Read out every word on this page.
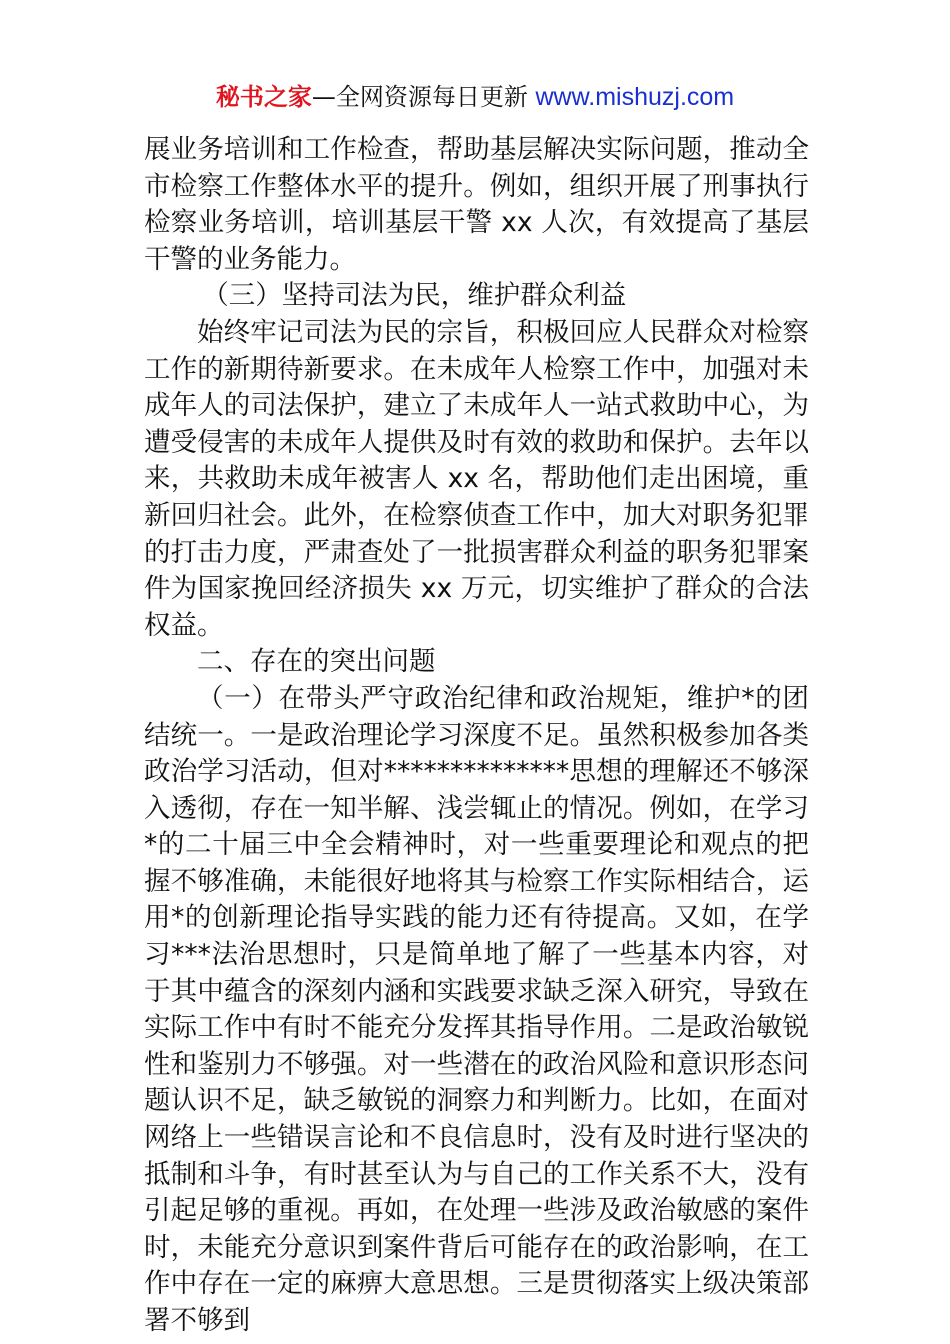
秘书之家—全网资源每日更新 www.mishuzj.com

展业务培训和工作检查，帮助基层解决实际问题，推动全市检察工作整体水平的提升。例如，组织开展了刑事执行检察业务培训，培训基层干警 xx 人次，有效提高了基层干警的业务能力。

（三）坚持司法为民，维护群众利益

始终牢记司法为民的宗旨，积极回应人民群众对检察工作的新期待新要求。在未成年人检察工作中，加强对未成年人的司法保护，建立了未成年人一站式救助中心，为遭受侵害的未成年人提供及时有效的救助和保护。去年以来，共救助未成年被害人 xx 名，帮助他们走出困境，重新回归社会。此外，在检察侦查工作中，加大对职务犯罪的打击力度，严肃查处了一批损害群众利益的职务犯罪案件为国家挽回经济损失 xx 万元，切实维护了群众的合法权益。

二、存在的突出问题

（一）在带头严守政治纪律和政治规矩，维护*的团结统一。一是政治理论学习深度不足。虽然积极参加各类政治学习活动，但对**************思想的理解还不够深入透彻，存在一知半解、浅尝辄止的情况。例如，在学习*的二十届三中全会精神时，对一些重要理论和观点的把握不够准确，未能很好地将其与检察工作实际相结合，运用*的创新理论指导实践的能力还有待提高。又如，在学习***法治思想时，只是简单地了解了一些基本内容，对于其中蕴含的深刻内涵和实践要求缺乏深入研究，导致在实际工作中有时不能充分发挥其指导作用。二是政治敏锐性和鉴别力不够强。对一些潜在的政治风险和意识形态问题认识不足，缺乏敏锐的洞察力和判断力。比如，在面对网络上一些错误言论和不良信息时，没有及时进行坚决的抵制和斗争，有时甚至认为与自己的工作关系不大，没有引起足够的重视。再如，在处理一些涉及政治敏感的案件时，未能充分意识到案件背后可能存在的政治影响，在工作中存在一定的麻痹大意思想。三是贯彻落实上级决策部署不够到
